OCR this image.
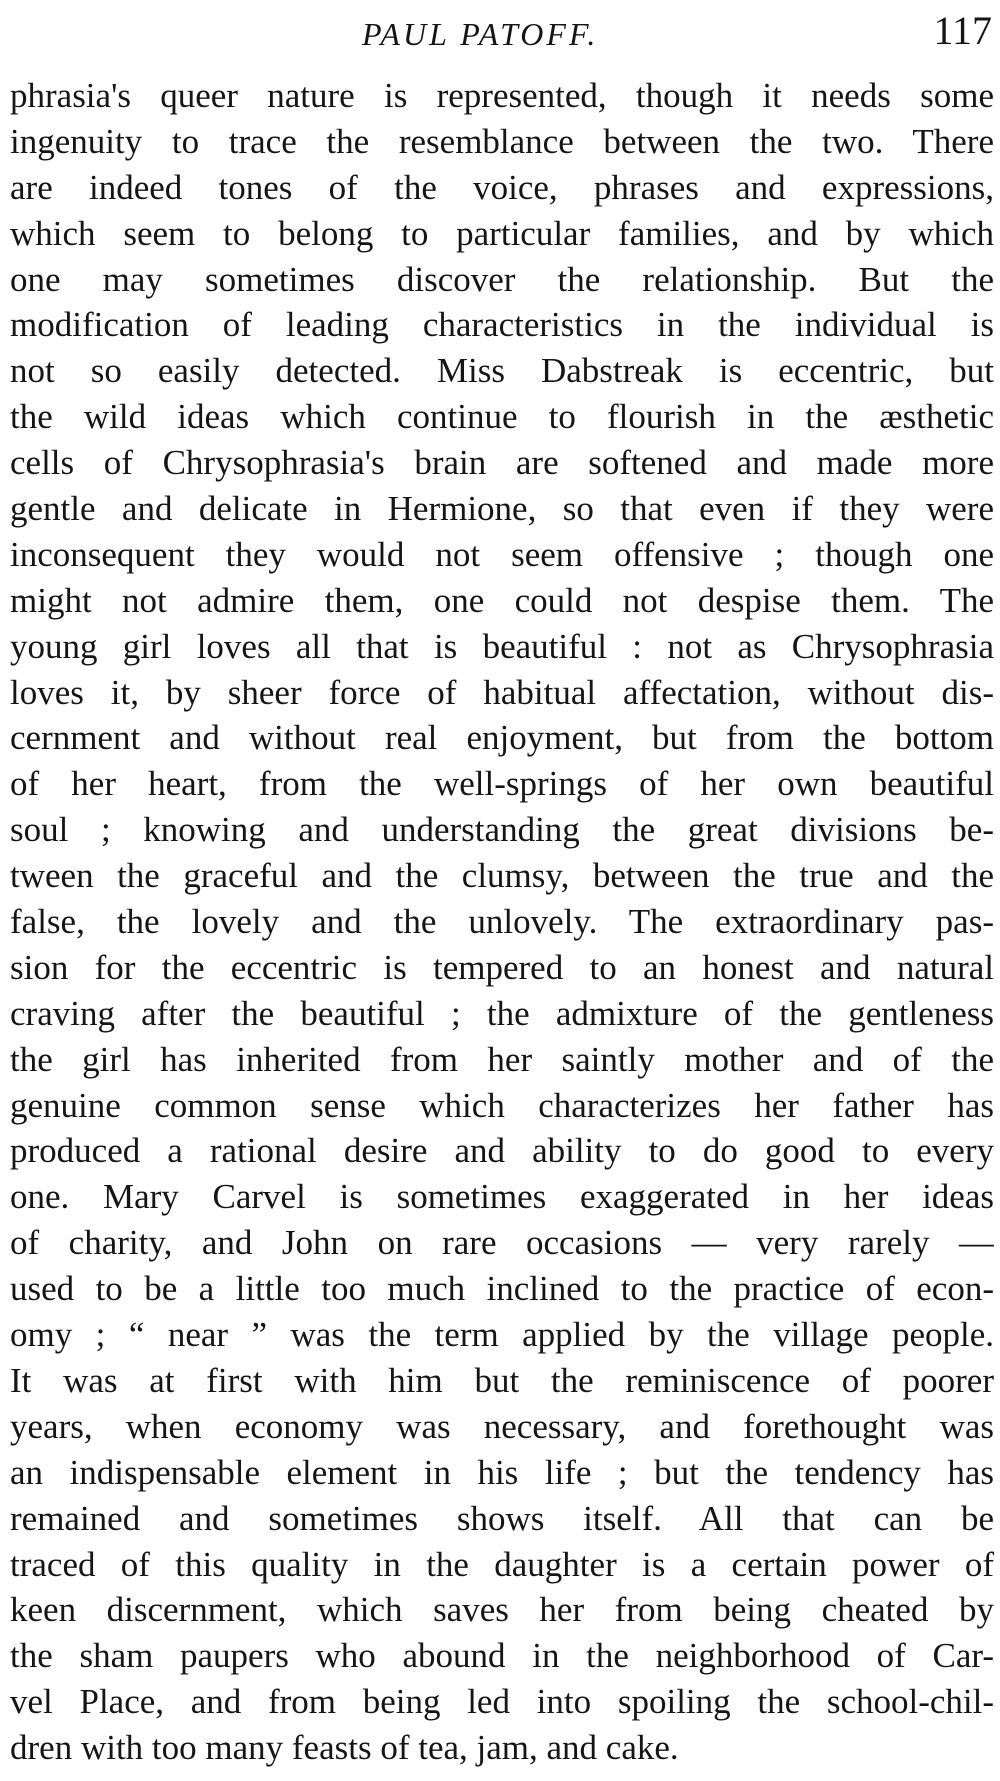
PAUL PATOFF.	117
phrasia's queer nature is represented, though it needs some
ingenuity to trace the resemblance between the two. There
are indeed tones of the voice, phrases and expressions,
which seem to belong to particular families, and by which
one may sometimes discover the relationship. But the
modification of leading characteristics in the individual is
not so easily detected. Miss Dabstreak is eccentric, but
the wild ideas which continue to flourish in the æsthetic
cells of Chrysophrasia's brain are softened and made more
gentle and delicate in Hermione, so that even if they were
inconsequent they would not seem offensive ; though one
might not admire them, one could not despise them. The
young girl loves all that is beautiful : not as Chrysophrasia
loves it, by sheer force of habitual affectation, without dis-
cernment and without real enjoyment, but from the bottom
of her heart, from the well-springs of her own beautiful
soul ; knowing and understanding the great divisions be-
tween the graceful and the clumsy, between the true and the
false, the lovely and the unlovely. The extraordinary pas-
sion for the eccentric is tempered to an honest and natural
craving after the beautiful ; the admixture of the gentleness
the girl has inherited from her saintly mother and of the
genuine common sense which characterizes her father has
produced a rational desire and ability to do good to every
one. Mary Carvel is sometimes exaggerated in her ideas
of charity, and John on rare occasions — very rarely —
used to be a little too much inclined to the practice of econ-
omy ; “ near ” was the term applied by the village people.
It was at first with him but the reminiscence of poorer
years, when economy was necessary, and forethought was
an indispensable element in his life ; but the tendency has
remained and sometimes shows itself. All that can be
traced of this quality in the daughter is a certain power of
keen discernment, which saves her from being cheated by
the sham paupers who abound in the neighborhood of Car-
vel Place, and from being led into spoiling the school-chil-
dren with too many feasts of tea, jam, and cake.
